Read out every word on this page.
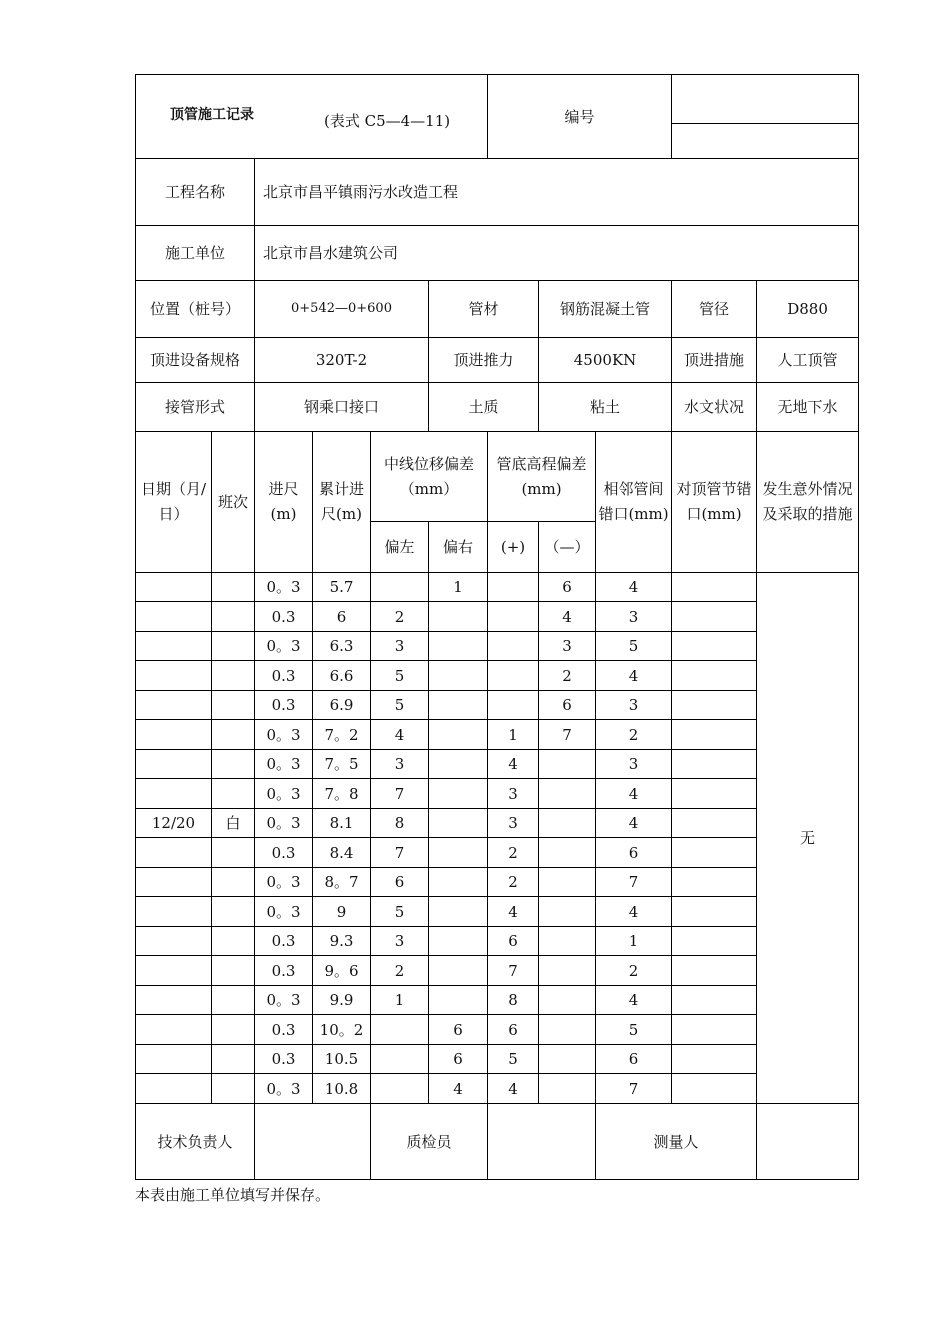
顶管施工记录 (表式 C5—4—11)						编号				

工程名称		北京市昌平镇雨污水改造工程								
施工单位		北京市昌水建筑公司								
位置（桩号）		0+542—0+600			管材		钢筋混凝土管		管径	D880
顶进设备规格		320T-2			顶进推力		4500KN		顶进措施	人工顶管
接管形式		钢乘口接口			土质		粘土		水文状况	无地下水
日期（月/日）	班次	进尺(m)	累计进尺(m)	中线位移偏差 （mm）		管底高程偏差 (mm)		相邻管间错口(mm)	对顶管节错口(mm)	发生意外情况及采取的措施
				偏左	偏右	(+)	（—）			
		0。3	5.7		1		6	4		无
		0.3	6	2			4	3		
		0。3	6.3	3			3	5		
		0.3	6.6	5			2	4		
		0.3	6.9	5			6	3		
		0。3	7。2	4		1	7	2		
		0。3	7。5	3		4		3		
		0。3	7。8	7		3		4		
12/20	白	0。3	8.1	8		3		4		
		0.3	8.4	7		2		6		
		0。3	8。7	6		2		7		
		0。3	9	5		4		4		
		0.3	9.3	3		6		1		
		0.3	9。6	2		7		2		
		0。3	9.9	1		8		4		
		0.3	10。2		6	6		5		
		0.3	10.5		6	5		6		
		0。3	10.8		4	4		7		
技术负责人				质检员				测量人		
本表由施工单位填写并保存。
